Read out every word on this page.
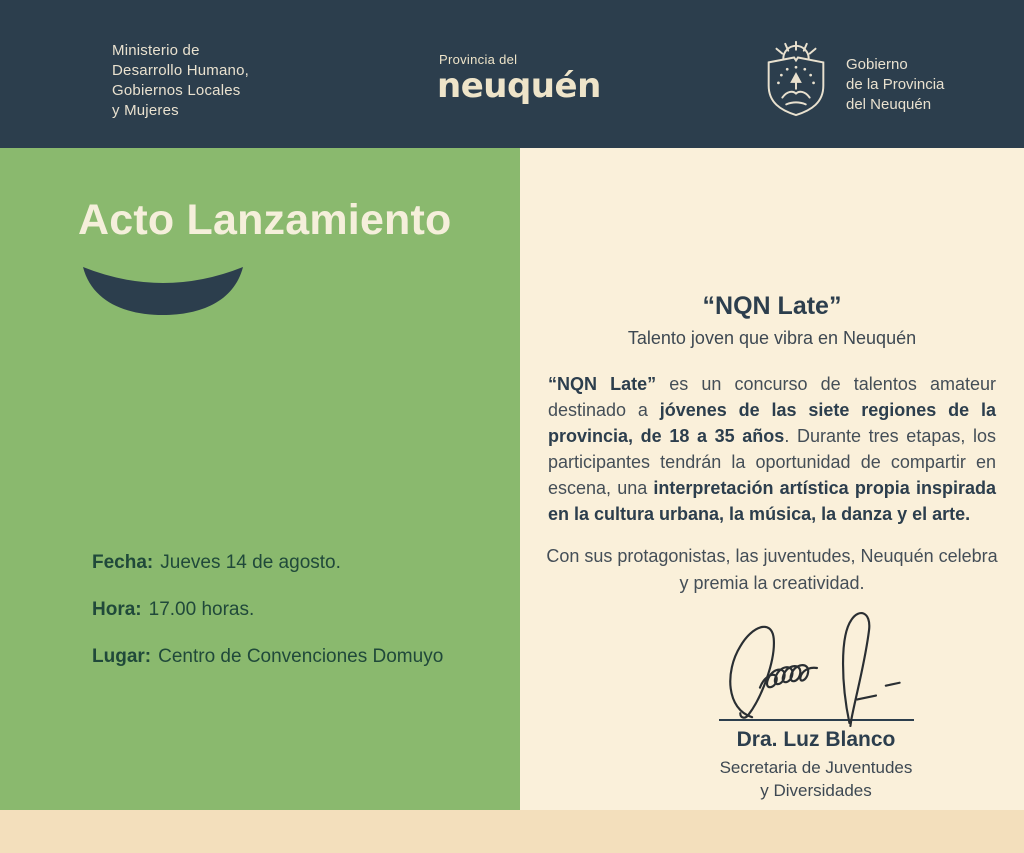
Ministerio de
Desarrollo Humano,
Gobiernos Locales
y Mujeres
Provincia del
neuquén
Gobierno
de la Provincia
del Neuquén
Acto Lanzamiento
Fecha: Jueves 14 de agosto.
Hora: 17.00 horas.
Lugar: Centro de Convenciones Domuyo
“NQN Late”
Talento joven que vibra en Neuquén

“NQN Late” es un concurso de talentos amateur destinado a jóvenes de las siete regiones de la provincia, de 18 a 35 años. Durante tres etapas, los participantes tendrán la oportunidad de compartir en escena, una interpretación artística propia inspirada en la cultura urbana, la música, la danza y el arte.

Con sus protagonistas, las juventudes, Neuquén celebra
y premia la creatividad.
Dra. Luz Blanco
Secretaria de Juventudes
y Diversidades
